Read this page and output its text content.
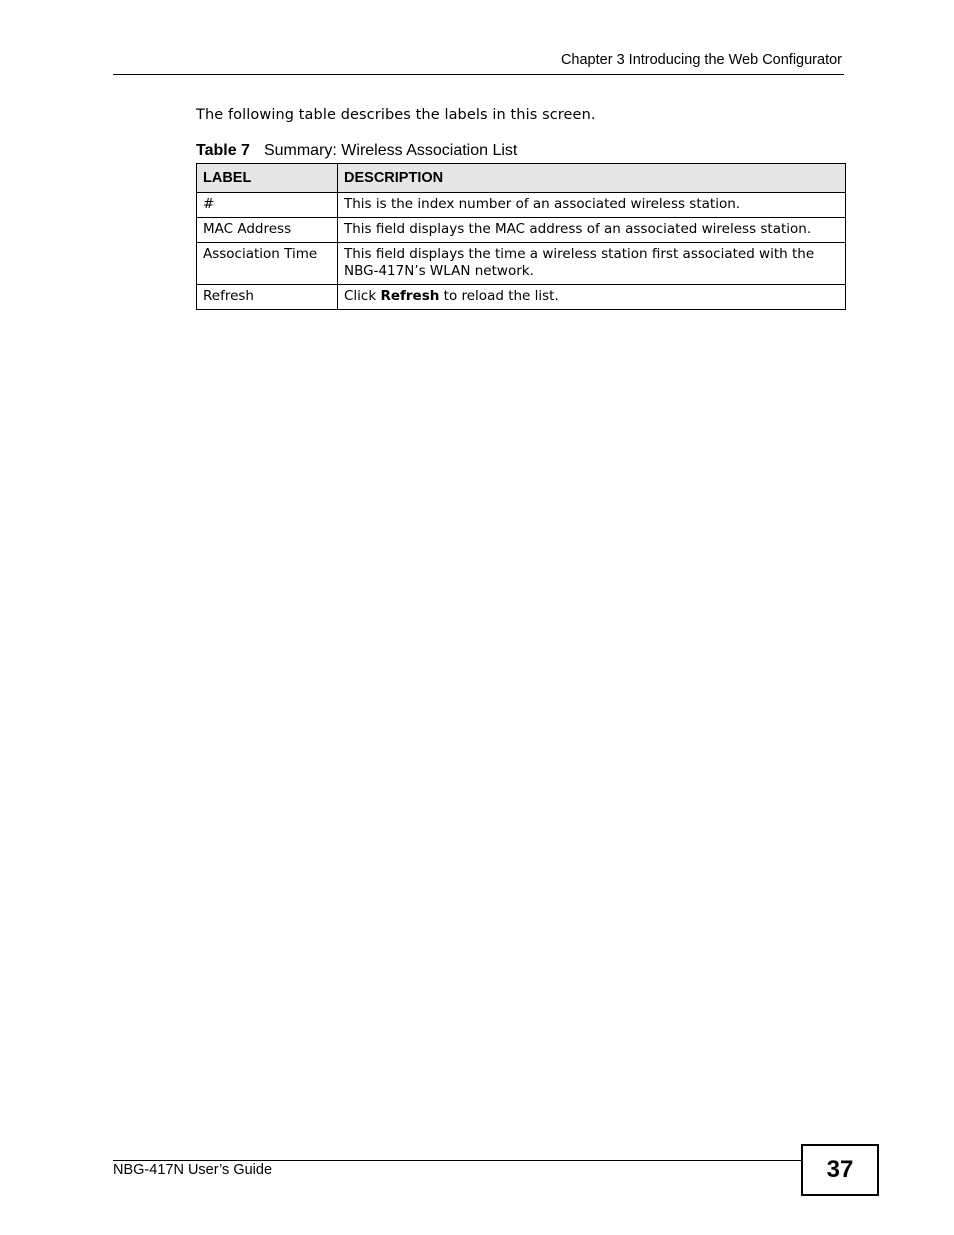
Chapter 3 Introducing the Web Configurator
The following table describes the labels in this screen.
Table 7 Summary: Wireless Association List
LABEL	DESCRIPTION
#	This is the index number of an associated wireless station.
MAC Address	This field displays the MAC address of an associated wireless station.
Association Time	This field displays the time a wireless station first associated with the NBG-417N’s WLAN network.
Refresh	Click Refresh to reload the list.
NBG-417N User’s Guide	37
